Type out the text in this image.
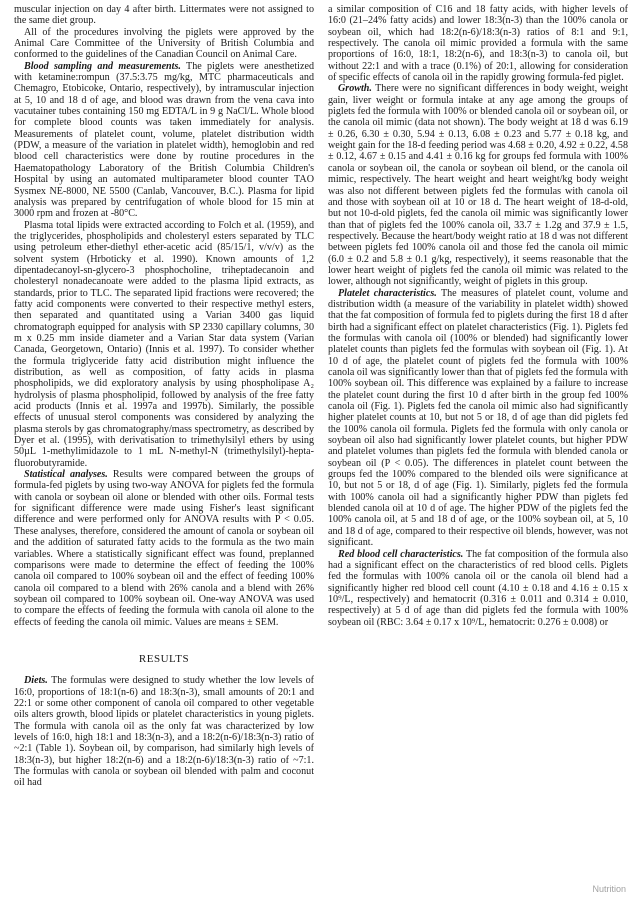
muscular injection on day 4 after birth. Littermates were not assigned to the same diet group.

All of the procedures involving the piglets were approved by the Animal Care Committee of the University of British Columbia and conformed to the guidelines of the Canadian Council on Animal Care.

Blood sampling and measurements. The piglets were anesthetized with ketamine:rompun (37.5:3.75 mg/kg, MTC pharmaceuticals and Chemagro, Etobicoke, Ontario, respectively), by intramuscular injection at 5, 10 and 18 d of age, and blood was drawn from the vena cava into vacutainer tubes containing 150 mg EDTA/L in 9 g NaCl/L. Whole blood for complete blood counts was taken immediately for analysis. Measurements of platelet count, volume, platelet distribution width (PDW, a measure of the variation in platelet width), hemoglobin and red blood cell characteristics were done by routine procedures in the Haematopathology Laboratory of the British Columbia Children's Hospital by using an automated multiparameter blood counter TAO Sysmex NE-8000, NE 5500 (Canlab, Vancouver, B.C.). Plasma for lipid analysis was prepared by centrifugation of whole blood for 15 min at 3000 rpm and frozen at -80°C.

Plasma total lipids were extracted according to Folch et al. (1959), and the triglycerides, phospholipids and cholesteryl esters separated by TLC using petroleum ether-diethyl ether-acetic acid (85/15/1, v/v/v) as the solvent system (Hrboticky et al. 1990). Known amounts of 1,2 dipentadecanoyl-sn-glycero-3 phosphocholine, triheptadecanoin and cholesteryl nonadecanoate were added to the plasma lipid extracts, as standards, prior to TLC. The separated lipid fractions were recovered; the fatty acid components were converted to their respective methyl esters, then separated and quantitated using a Varian 3400 gas liquid chromatograph equipped for analysis with SP 2330 capillary columns, 30 m x 0.25 mm inside diameter and a Varian Star data system (Varian Canada, Georgetown, Ontario) (Innis et al. 1997). To consider whether the formula triglyceride fatty acid distribution might influence the distribution, as well as composition, of fatty acids in plasma phospholipids, we did exploratory analysis by using phospholipase A₂ hydrolysis of plasma phospholipid, followed by analysis of the free fatty acid products (Innis et al. 1997a and 1997b). Similarly, the possible effects of unusual sterol components was considered by analyzing the plasma sterols by gas chromatography/mass spectrometry, as described by Dyer et al. (1995), with derivatisation to trimethylsilyl ethers by using 50µL 1-methylimidazole to 1 mL N-methyl-N (trimethylsilyl)-hepta-fluorobutyramide.

Statistical analyses. Results were compared between the groups of formula-fed piglets by using two-way ANOVA for piglets fed the formula with canola or soybean oil alone or blended with other oils. Formal tests for significant difference were made using Fisher's least significant difference and were performed only for ANOVA results with P < 0.05. These analyses, therefore, considered the amount of canola or soybean oil and the addition of saturated fatty acids to the formula as the two main variables. Where a statistically significant effect was found, preplanned comparisons were made to determine the effect of feeding the 100% canola oil compared to 100% soybean oil and the effect of feeding 100% canola oil compared to a blend with 26% canola and a blend with 26% soybean oil compared to 100% soybean oil. One-way ANOVA was used to compare the effects of feeding the formula with canola oil alone to the effects of feeding the canola oil mimic. Values are means ± SEM.

RESULTS

Diets. The formulas were designed to study whether the low levels of 16:0, proportions of 18:1(n-6) and 18:3(n-3), small amounts of 20:1 and 22:1 or some other component of canola oil compared to other vegetable oils alters growth, blood lipids or platelet characteristics in young piglets. The formula with canola oil as the only fat was characterized by low levels of 16:0, high 18:1 and 18:3(n-3), and a 18:2(n-6)/18:3(n-3) ratio of ~2:1 (Table 1). Soybean oil, by comparison, had similarly high levels of 18:3(n-3), but higher 18:2(n-6) and a 18:2(n-6)/18:3(n-3) ratio of ~7:1. The formulas with canola or soybean oil blended with palm and coconut oil had

a similar composition of C16 and 18 fatty acids, with higher levels of 16:0 (21–24% fatty acids) and lower 18:3(n-3) than the 100% canola or soybean oil, which had 18:2(n-6)/18:3(n-3) ratios of 8:1 and 9:1, respectively. The canola oil mimic provided a formula with the same proportions of 16:0, 18:1, 18:2(n-6), and 18:3(n-3) to canola oil, but without 22:1 and with a trace (0.1%) of 20:1, allowing for consideration of specific effects of canola oil in the rapidly growing formula-fed piglet.

Growth. There were no significant differences in body weight, weight gain, liver weight or formula intake at any age among the groups of piglets fed the formula with 100% or blended canola oil or soybean oil, or the canola oil mimic (data not shown). The body weight at 18 d was 6.19 ± 0.26, 6.30 ± 0.30, 5.94 ± 0.13, 6.08 ± 0.23 and 5.77 ± 0.18 kg, and weight gain for the 18-d feeding period was 4.68 ± 0.20, 4.92 ± 0.22, 4.58 ± 0.12, 4.67 ± 0.15 and 4.41 ± 0.16 kg for groups fed formula with 100% canola or soybean oil, the canola or soybean oil blend, or the canola oil mimic, respectively. The heart weight and heart weight/kg body weight was also not different between piglets fed the formulas with canola oil and those with soybean oil at 10 or 18 d. The heart weight of 18-d-old, but not 10-d-old piglets, fed the canola oil mimic was significantly lower than that of piglets fed the 100% canola oil, 33.7 ± 1.2g and 37.9 ± 1.5, respectively. Because the heart/body weight ratio at 18 d was not different between piglets fed 100% canola oil and those fed the canola oil mimic (6.0 ± 0.2 and 5.8 ± 0.1 g/kg, respectively), it seems reasonable that the lower heart weight of piglets fed the canola oil mimic was related to the lower, although not significantly, weight of piglets in this group.

Platelet characteristics. The measures of platelet count, volume and distribution width (a measure of the variability in platelet width) showed that the fat composition of formula fed to piglets during the first 18 d after birth had a significant effect on platelet characteristics (Fig. 1). Piglets fed the formulas with canola oil (100% or blended) had significantly lower platelet counts than piglets fed the formulas with soybean oil (Fig. 1). At 10 d of age, the platelet count of piglets fed the formula with 100% canola oil was significantly lower than that of piglets fed the formula with 100% soybean oil. This difference was explained by a failure to increase the platelet count during the first 10 d after birth in the group fed 100% canola oil (Fig. 1). Piglets fed the canola oil mimic also had significantly higher platelet counts at 10, but not 5 or 18, d of age than did piglets fed the 100% canola oil formula. Piglets fed the formula with only canola or soybean oil also had significantly lower platelet counts, but higher PDW and platelet volumes than piglets fed the formula with blended canola or soybean oil (P < 0.05). The differences in platelet count between the groups fed the 100% compared to the blended oils were significance at 10, but not 5 or 18, d of age (Fig. 1). Similarly, piglets fed the formula with 100% canola oil had a significantly higher PDW than piglets fed blended canola oil at 10 d of age. The higher PDW of the piglets fed the 100% canola oil, at 5 and 18 d of age, or the 100% soybean oil, at 5, 10 and 18 d of age, compared to their respective oil blends, however, was not significant.

Red blood cell characteristics. The fat composition of the formula also had a significant effect on the characteristics of red blood cells. Piglets fed the formulas with 100% canola oil or the canola oil blend had a significantly higher red blood cell count (4.10 ± 0.18 and 4.16 ± 0.15 x 10⁹/L, respectively) and hematocrit (0.316 ± 0.011 and 0.314 ± 0.010, respectively) at 5 d of age than did piglets fed the formula with 100% soybean oil (RBC: 3.64 ± 0.17 x 10⁹/L, hematocrit: 0.276 ± 0.008) or

Nutrition
